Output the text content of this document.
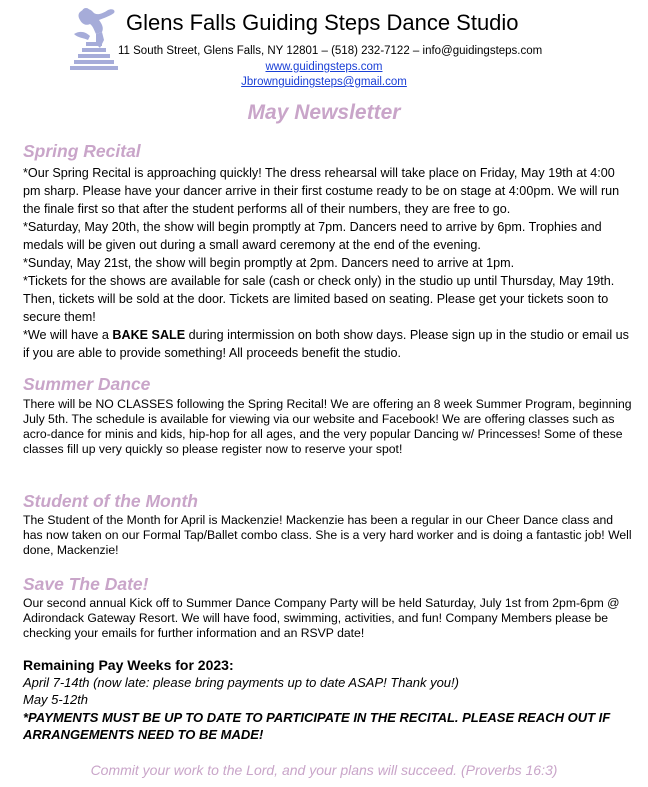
Glens Falls Guiding Steps Dance Studio
11 South Street, Glens Falls, NY 12801 – (518) 232-7122 – info@guidingsteps.com
www.guidingsteps.com
Jbrownguidingsteps@gmail.com
May Newsletter
Spring Recital
*Our Spring Recital is approaching quickly! The dress rehearsal will take place on Friday, May 19th at 4:00 pm sharp. Please have your dancer arrive in their first costume ready to be on stage at 4:00pm. We will run the finale first so that after the student performs all of their numbers, they are free to go.
*Saturday, May 20th, the show will begin promptly at 7pm. Dancers need to arrive by 6pm. Trophies and medals will be given out during a small award ceremony at the end of the evening.
*Sunday, May 21st, the show will begin promptly at 2pm. Dancers need to arrive at 1pm.
*Tickets for the shows are available for sale (cash or check only) in the studio up until Thursday, May 19th. Then, tickets will be sold at the door. Tickets are limited based on seating. Please get your tickets soon to secure them!
*We will have a BAKE SALE during intermission on both show days. Please sign up in the studio or email us if you are able to provide something! All proceeds benefit the studio.
Summer Dance
There will be NO CLASSES following the Spring Recital! We are offering an 8 week Summer Program, beginning July 5th. The schedule is available for viewing via our website and Facebook! We are offering classes such as acro-dance for minis and kids, hip-hop for all ages, and the very popular Dancing w/ Princesses! Some of these classes fill up very quickly so please register now to reserve your spot!
Student of the Month
The Student of the Month for April is Mackenzie! Mackenzie has been a regular in our Cheer Dance class and has now taken on our Formal Tap/Ballet combo class. She is a very hard worker and is doing a fantastic job! Well done, Mackenzie!
Save The Date!
Our second annual Kick off to Summer Dance Company Party will be held Saturday, July 1st from 2pm-6pm @ Adirondack Gateway Resort. We will have food, swimming, activities, and fun! Company Members please be checking your emails for further information and an RSVP date!
Remaining Pay Weeks for 2023:
April 7-14th (now late: please bring payments up to date ASAP! Thank you!)
May 5-12th
*PAYMENTS MUST BE UP TO DATE TO PARTICIPATE IN THE RECITAL. PLEASE REACH OUT IF ARRANGEMENTS NEED TO BE MADE!
Commit your work to the Lord, and your plans will succeed. (Proverbs 16:3)
